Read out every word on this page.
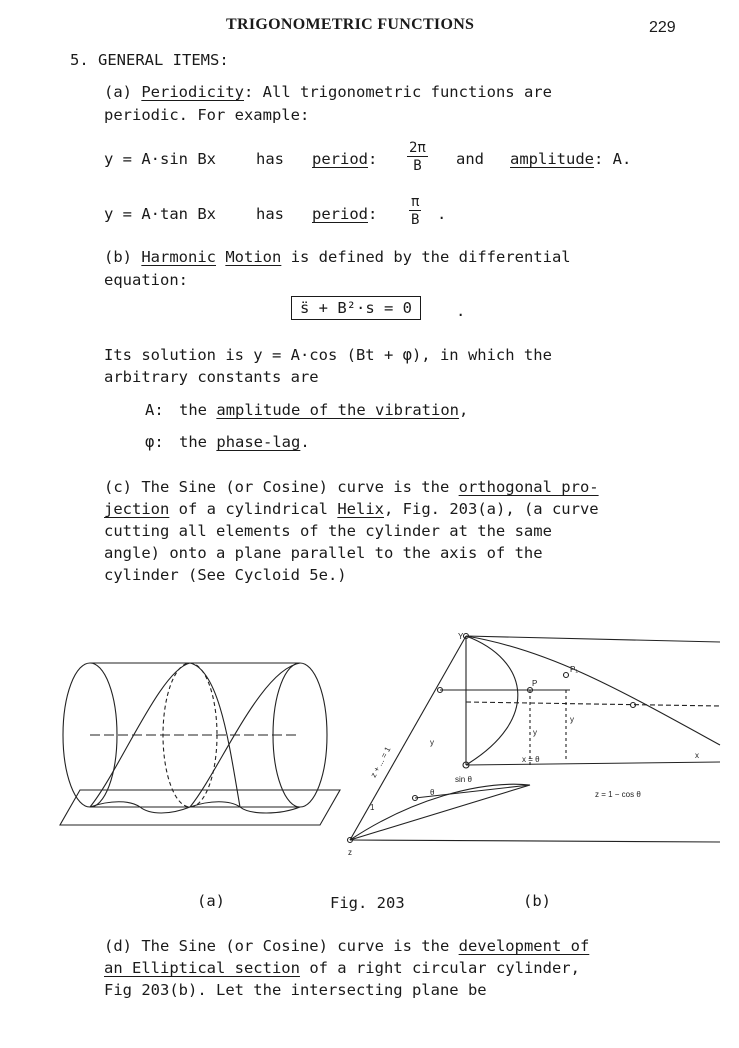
TRIGONOMETRIC FUNCTIONS	229
5. GENERAL ITEMS:
(a) Periodicity: All trigonometric functions are
periodic. For example:
y = A·sin Bx	has period: $\frac{2\pi}{B}$ and amplitude: A.
y = A·tan Bx	has period: $\frac{\pi}{B}$ .
(b) Harmonic Motion is defined by the differential
equation:
s̈ + B²·s = 0	.
Its solution is y = A·cos (Bt + φ), in which the
arbitrary constants are
A: the amplitude of the vibration,
φ: the phase-lag.
(c) The Sine (or Cosine) curve is the orthogonal pro-
jection of a cylindrical Helix, Fig. 203(a), (a curve
cutting all elements of the cylinder at the same
angle) onto a plane parallel to the axis of the
cylinder (See Cycloid 5e.)
Y
P
P₁
y
y
y
x = θ	x
sin θ
θ
1
z = 1 − cos θ
z
z + ... = 1
(a)	Fig. 203	(b)
(d) The Sine (or Cosine) curve is the development of
an Elliptical section of a right circular cylinder,
Fig 203(b). Let the intersecting plane be
